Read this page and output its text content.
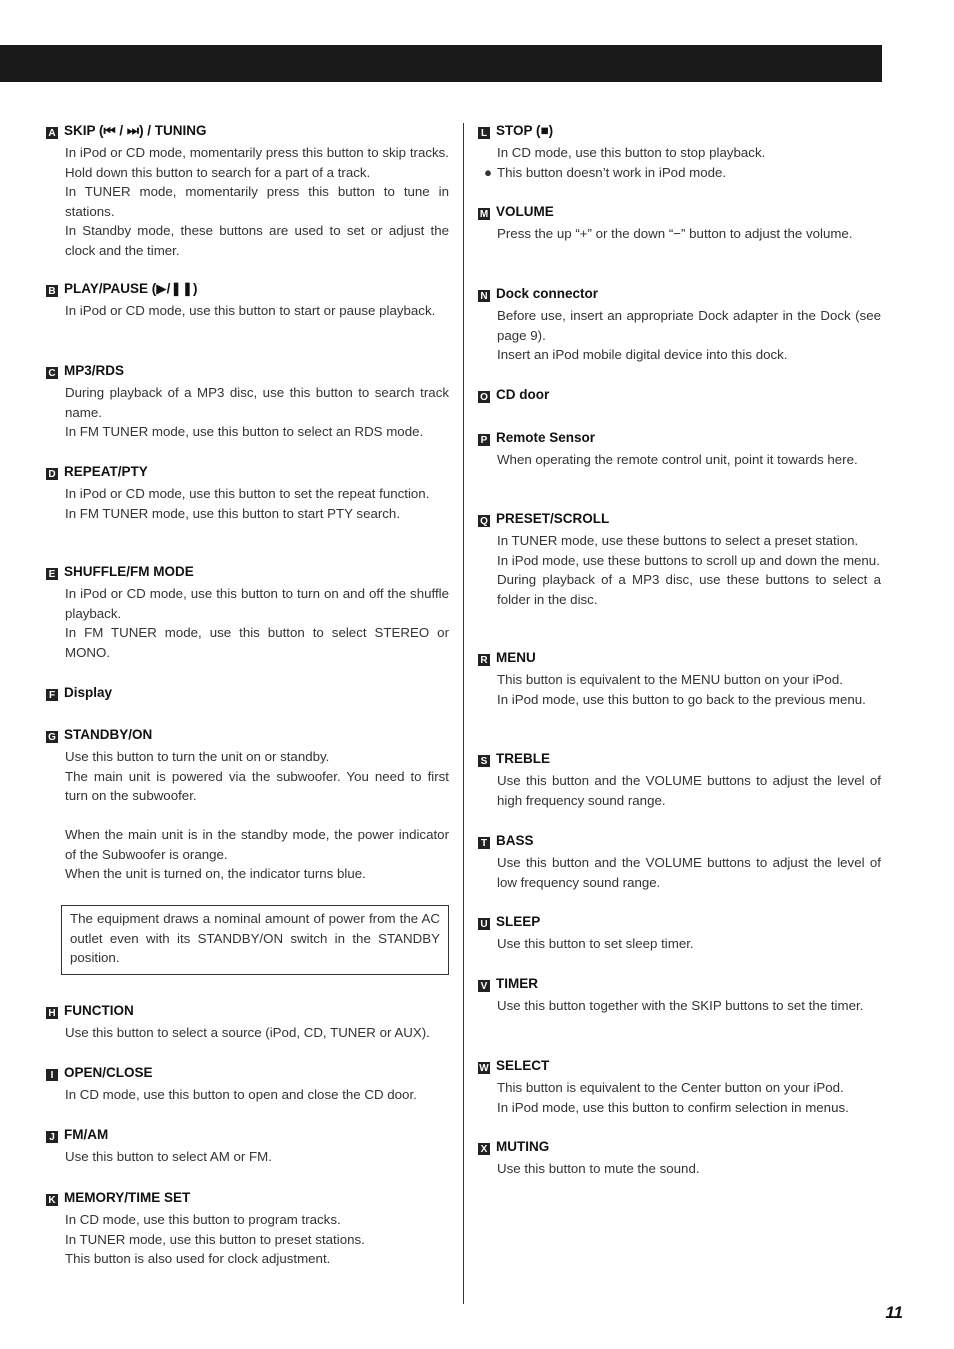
A SKIP (⏮ / ⏭) / TUNING

In iPod or CD mode, momentarily press this button to skip tracks. Hold down this button to search for a part of a track.

In TUNER mode, momentarily press this button to tune in stations.

In Standby mode, these buttons are used to set or adjust the clock and the timer.

B PLAY/PAUSE (▶/❚❚)

In iPod or CD mode, use this button to start or pause playback.

C MP3/RDS

During playback of a MP3 disc, use this button to search track name.

In FM TUNER mode, use this button to select an RDS mode.

D REPEAT/PTY

In iPod or CD mode, use this button to set the repeat function.

In FM TUNER mode, use this button to start PTY search.

E SHUFFLE/FM MODE

In iPod or CD mode, use this button to turn on and off the shuffle playback.

In FM TUNER mode, use this button to select STEREO or MONO.

F Display
G STANDBY/ON

Use this button to turn the unit on or standby.

The main unit is powered via the subwoofer. You need to first turn on the subwoofer.

When the main unit is in the standby mode, the power indicator of the Subwoofer is orange.

When the unit is turned on, the indicator turns blue.

The equipment draws a nominal amount of power from the AC outlet even with its STANDBY/ON switch in the STANDBY position.
H FUNCTION

Use this button to select a source (iPod, CD, TUNER or AUX).

I OPEN/CLOSE

In CD mode, use this button to open and close the CD door.

J FM/AM

Use this button to select AM or FM.

K MEMORY/TIME SET

In CD mode, use this button to program tracks.

In TUNER mode, use this button to preset stations.

This button is also used for clock adjustment.

L STOP (■)

In CD mode, use this button to stop playback.

● This button doesn’t work in iPod mode.

M VOLUME

Press the up “+” or the down “−” button to adjust the volume.

N Dock connector

Before use, insert an appropriate Dock adapter in the Dock (see page 9).

Insert an iPod mobile digital device into this dock.

O CD door
P Remote Sensor

When operating the remote control unit, point it towards here.

Q PRESET/SCROLL

In TUNER mode, use these buttons to select a preset station.

In iPod mode, use these buttons to scroll up and down the menu.

During playback of a MP3 disc, use these buttons to select a folder in the disc.

R MENU

This button is equivalent to the MENU button on your iPod.

In iPod mode, use this button to go back to the previous menu.

S TREBLE

Use this button and the VOLUME buttons to adjust the level of high frequency sound range.

T BASS

Use this button and the VOLUME buttons to adjust the level of low frequency sound range.

U SLEEP

Use this button to set sleep timer.

V TIMER

Use this button together with the SKIP buttons to set the timer.

W SELECT

This button is equivalent to the Center button on your iPod.

In iPod mode, use this button to confirm selection in menus.

X MUTING

Use this button to mute the sound.

11
